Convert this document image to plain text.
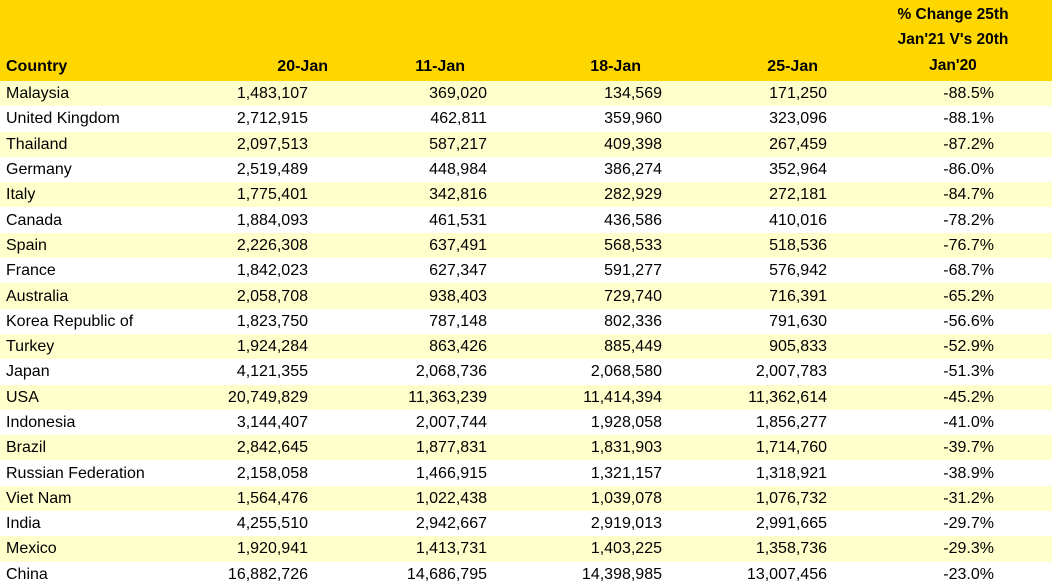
Country	20-Jan	11-Jan	18-Jan	25-Jan	% Change 25th
Jan'21 V's 20th
Jan'20

Malaysia	1,483,107	369,020	134,569	171,250	-88.5%
United Kingdom	2,712,915	462,811	359,960	323,096	-88.1%
Thailand	2,097,513	587,217	409,398	267,459	-87.2%
Germany	2,519,489	448,984	386,274	352,964	-86.0%
Italy	1,775,401	342,816	282,929	272,181	-84.7%
Canada	1,884,093	461,531	436,586	410,016	-78.2%
Spain	2,226,308	637,491	568,533	518,536	-76.7%
France	1,842,023	627,347	591,277	576,942	-68.7%
Australia	2,058,708	938,403	729,740	716,391	-65.2%
Korea Republic of	1,823,750	787,148	802,336	791,630	-56.6%
Turkey	1,924,284	863,426	885,449	905,833	-52.9%
Japan	4,121,355	2,068,736	2,068,580	2,007,783	-51.3%
USA	20,749,829	11,363,239	11,414,394	11,362,614	-45.2%
Indonesia	3,144,407	2,007,744	1,928,058	1,856,277	-41.0%
Brazil	2,842,645	1,877,831	1,831,903	1,714,760	-39.7%
Russian Federation	2,158,058	1,466,915	1,321,157	1,318,921	-38.9%
Viet Nam	1,564,476	1,022,438	1,039,078	1,076,732	-31.2%
India	4,255,510	2,942,667	2,919,013	2,991,665	-29.7%
Mexico	1,920,941	1,413,731	1,403,225	1,358,736	-29.3%
China	16,882,726	14,686,795	14,398,985	13,007,456	-23.0%
